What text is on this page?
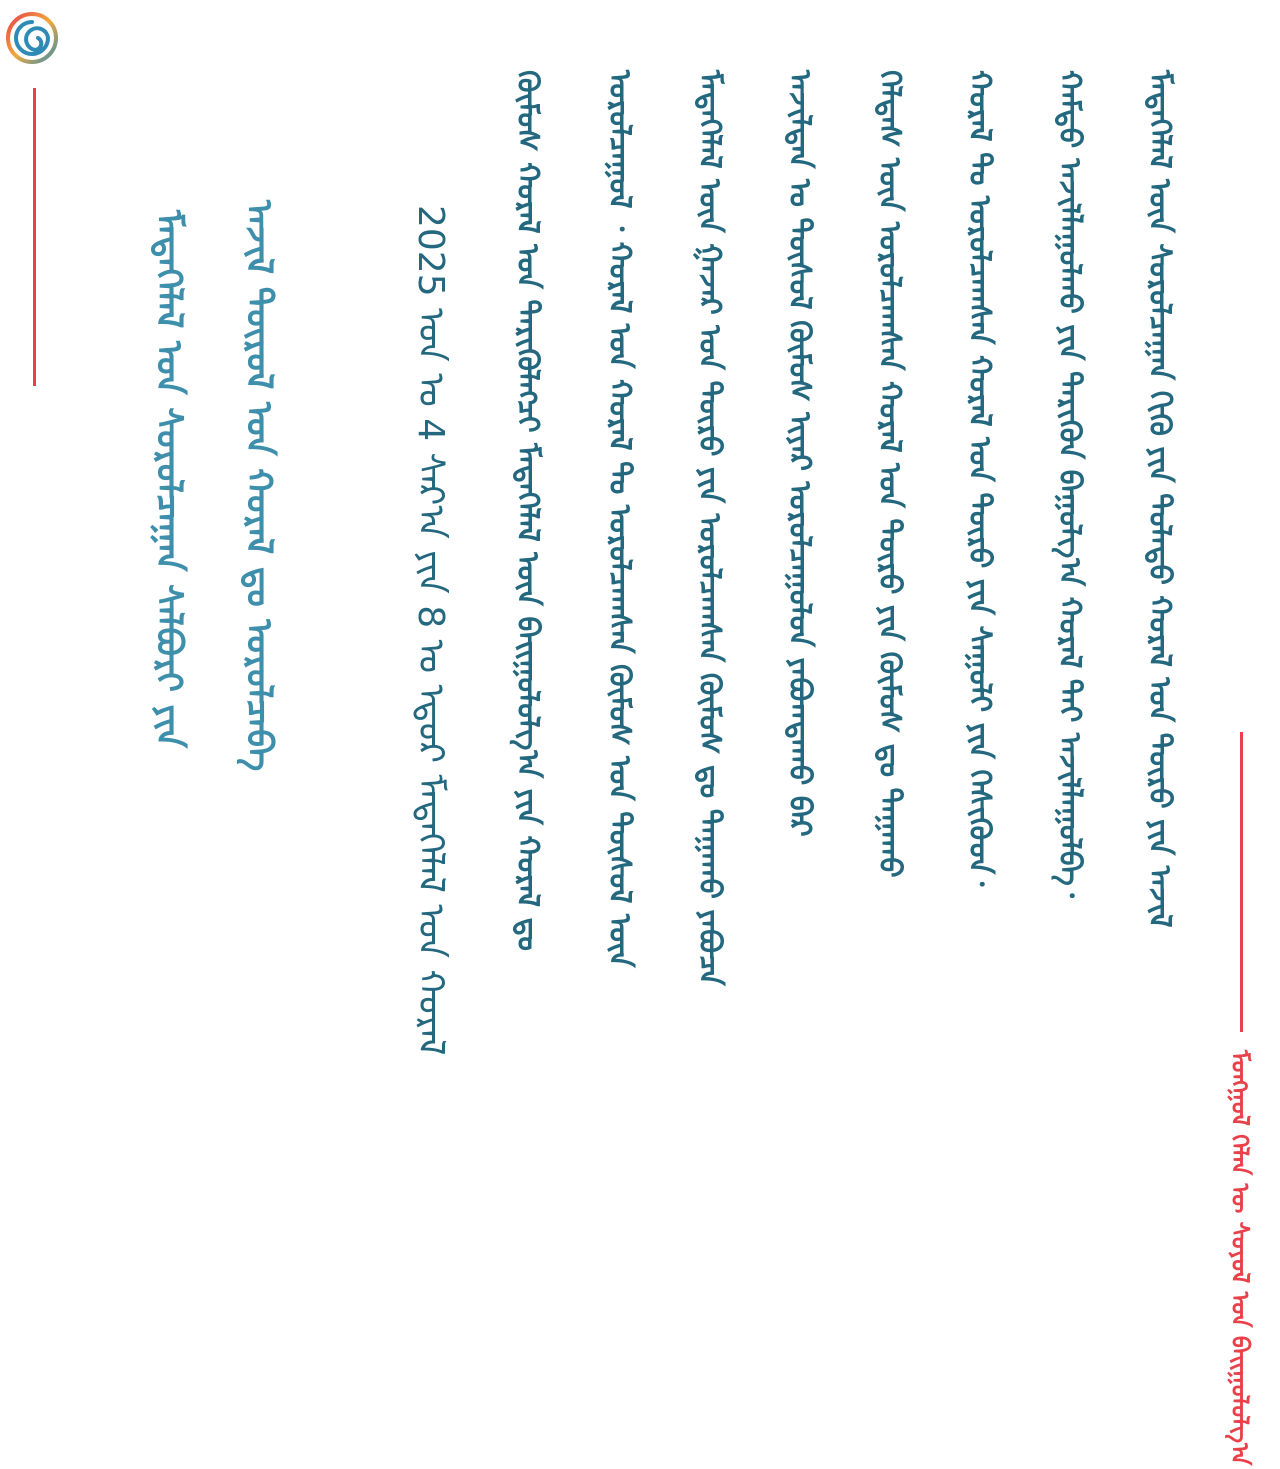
ᠮᠡᠳᠡᠭᠡᠯᠡᠯ ᠤᠨ ᠰᠤᠷᠤᠯᠴᠠᠭᠠᠨ ᠰᠠᠯᠪᠤᠷᠢ ᠶᠢᠨ ᠠᠵᠢᠯ ᠲᠦᠷᠦᠯ ᠤᠨ ᠬᠤᠷᠠᠯ ᠳᠤ ᠣᠷᠣᠯᠴᠠᠪᠠ	2025 ᠣᠨ ᠤ 4 ᠰᠠᠷ᠎ᠠ ᠶᠢᠨ 8 ᠤ ᠡᠳᠦᠷ ᠮᠡᠳᠡᠭᠡᠯᠡᠯ ᠤᠨ ᠬᠤᠷᠠᠯ ᠬᠦᠮᠦᠰ ᠬᠤᠷᠠᠯ ᠤᠨ ᠲᠡᠷᠢᠭᠦᠯᠡᠭᠴᠢ ᠮᠡᠳᠡᠭᠡᠯᠡᠯ ᠦᠨ ᠪᠠᠢᠭᠤᠯᠤᠯᠭ᠎ᠠ ᠶᠢᠨ ᠬᠤᠷᠠᠯ ᠳᠤ ᠣᠷᠣᠯᠴᠠᠭᠤᠯ ᠂ ᠬᠤᠷᠠᠯ ᠤᠨ ᠬᠤᠷᠠᠯ ᠲᠤ ᠣᠷᠣᠯᠴᠠᠭᠰᠠᠨ ᠬᠦᠮᠦᠰ ᠤᠨ ᠲᠦᠰᠦᠯ ᠦᠨ ᠮᠡᠳᠡᠭᠡᠯᠡᠯ ᠦᠨ ᠭᠠᠵᠠᠷ ᠤᠨ ᠲᠦᠷᠦ ᠶᠢᠨ ᠣᠷᠣᠯᠴᠠᠭᠰᠠᠨ ᠬᠦᠮᠦᠰ ᠳᠤ ᠳᠠᠭᠠᠬᠤ ᠶᠠᠪᠤᠴᠠ ᠠᠵᠢᠯᠲᠠᠨ ᠤ ᠲᠦᠰᠦᠯ ᠬᠦᠮᠦᠰ ᠢᠶᠡᠷ ᠣᠷᠣᠯᠴᠠᠭᠤᠯᠤᠨ ᠶᠠᠪᠤᠭᠳᠠᠬᠤ ᠪᠠᠷ ᠬᠡᠯᠲᠡᠰ ᠦᠨ ᠣᠷᠣᠯᠴᠠᠭᠰᠠᠨ ᠬᠤᠷᠠᠯ ᠤᠨ ᠲᠦᠷᠦ ᠶᠢᠨ ᠬᠦᠮᠦᠰ ᠳᠤ ᠳᠠᠭᠠᠬᠤ ᠬᠤᠷᠠᠯ ᠲᠤ ᠣᠷᠣᠯᠴᠠᠭᠰᠠᠨ ᠬᠤᠷᠠᠯ ᠤᠨ ᠲᠦᠷᠦ ᠶᠢᠨ ᠰᠠᠭᠤᠯᠢ ᠶᠢᠨ ᠭᠡᠰᠢᠭᠦᠳ᠂ ᠬᠠᠮᠲᠤ ᠠᠵᠢᠯᠯᠠᠭᠤᠯᠬᠤ ᠶᠢᠨ ᠲᠡᠷᠢᠭᠦᠨ ᠪᠠᠭᠤᠯᠭ᠎ᠠ ᠬᠤᠷᠠᠯ ᠲᠠᠢ ᠠᠵᠢᠯᠯᠠᠭᠤᠯᠪᠠ᠂ ᠮᠡᠳᠡᠭᠡᠯᠡᠯ ᠦᠨ ᠰᠤᠷᠤᠯᠴᠠᠭᠠᠨ ᠬᠢᠬᠦ ᠶᠢᠨ ᠲᠤᠯᠠᠳᠤ ᠬᠤᠷᠠᠯ ᠤᠨ ᠲᠦᠷᠦ ᠶᠢᠨ ᠠᠵᠢᠯ
ᠮᠣᠩᠭᠣᠯ ᠬᠡᠯᠡᠨ ᠦ ᠰᠣᠶᠣᠯ ᠤᠨ ᠪᠠᠢᠭᠤᠯᠤᠯᠭ᠎ᠠ
